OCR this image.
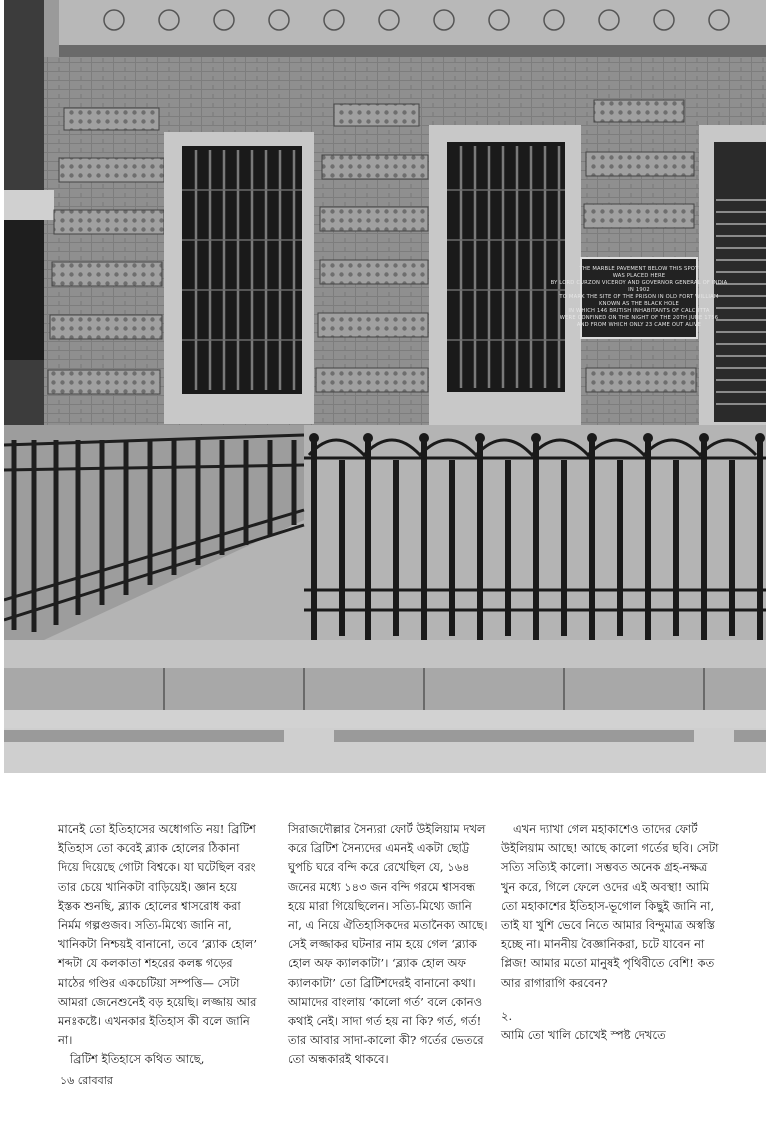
THE MARBLE PAVEMENT BELOW THIS SPOT
WAS PLACED HERE
BY LORD CURZON VICEROY AND GOVERNOR GENERAL OF INDIA
IN 1902
TO MARK THE SITE OF THE PRISON IN OLD FORT WILLIAM
KNOWN AS THE BLACK HOLE
IN WHICH 146 BRITISH INHABITANTS OF CALCUTTA
WERE CONFINED ON THE NIGHT OF THE 20TH JUNE 1756
AND FROM WHICH ONLY 23 CAME OUT ALIVE

মানেই তো ইতিহাসের অধোগতি নয়! ব্রিটিশ ইতিহাস তো কবেই ব্ল্যাক হোলের ঠিকানা দিয়ে দিয়েছে গোটা বিশ্বকে। যা ঘটেছিল বরং তার চেয়ে খানিকটা বাড়িয়েই। জ্ঞান হয়ে ইস্তক শুনছি, ব্ল্যাক হোলের শ্বাসরোধ করা নির্মম গল্পগুজব। সত্যি-মিথ্যে জানি না, খানিকটা নিশ্চয়ই বানানো, তবে ‘ব্ল্যাক হোল’ শব্দটা যে কলকাতা শহরের কলঙ্ক গড়ের মাঠের গণ্ডির একচেটিয়া সম্পত্তি— সেটা আমরা জেনেশুনেই বড় হয়েছি। লজ্জায় আর মনঃকষ্টে। এখনকার ইতিহাস কী বলে জানি না।

ব্রিটিশ ইতিহাসে কথিত আছে,

সিরাজদৌল্লার সৈন্যরা ফোর্ট উইলিয়াম দখল করে ব্রিটিশ সৈন্যদের এমনই একটা ছোট্ট ঘুপচি ঘরে বন্দি করে রেখেছিল যে, ১৬৪ জনের মধ্যে ১৪৩ জন বন্দি গরমে শ্বাসবন্ধ হয়ে মারা গিয়েছিলেন। সত্যি-মিথ্যে জানি না, এ নিয়ে ঐতিহাসিকদের মতানৈক্য আছে। সেই লজ্জাকর ঘটনার নাম হয়ে গেল ‘ব্ল্যাক হোল অফ ক্যালকাটা’। ‘ব্ল্যাক হোল অফ ক্যালকাটা’ তো ব্রিটিশদেরই বানানো কথা। আমাদের বাংলায় ‘কালো গর্ত’ বলে কোনও কথাই নেই। সাদা গর্ত হয় না কি? গর্ত, গর্ত! তার আবার সাদা-কালো কী? গর্তের ভেতরে তো অন্ধকারই থাকবে।

এখন দ্যাখা গেল মহাকাশেও তাদের ফোর্ট উইলিয়াম আছে! আছে কালো গর্তের ছবি। সেটা সত্যি সত্যিই কালো। সম্ভবত অনেক গ্রহ-নক্ষত্র খুন করে, গিলে ফেলে ওদের এই অবস্থা! আমি তো মহাকাশের ইতিহাস-ভূগোল কিছুই জানি না, তাই যা খুশি ভেবে নিতে আমার বিন্দুমাত্র অস্বস্তি হচ্ছে না। মাননীয় বৈজ্ঞানিকরা, চটে যাবেন না প্লিজ! আমার মতো মানুষই পৃথিবীতে বেশি! কত আর রাগারাগি করবেন?

২.

আমি তো খালি চোখেই স্পষ্ট দেখতে

১৬ রোববার
